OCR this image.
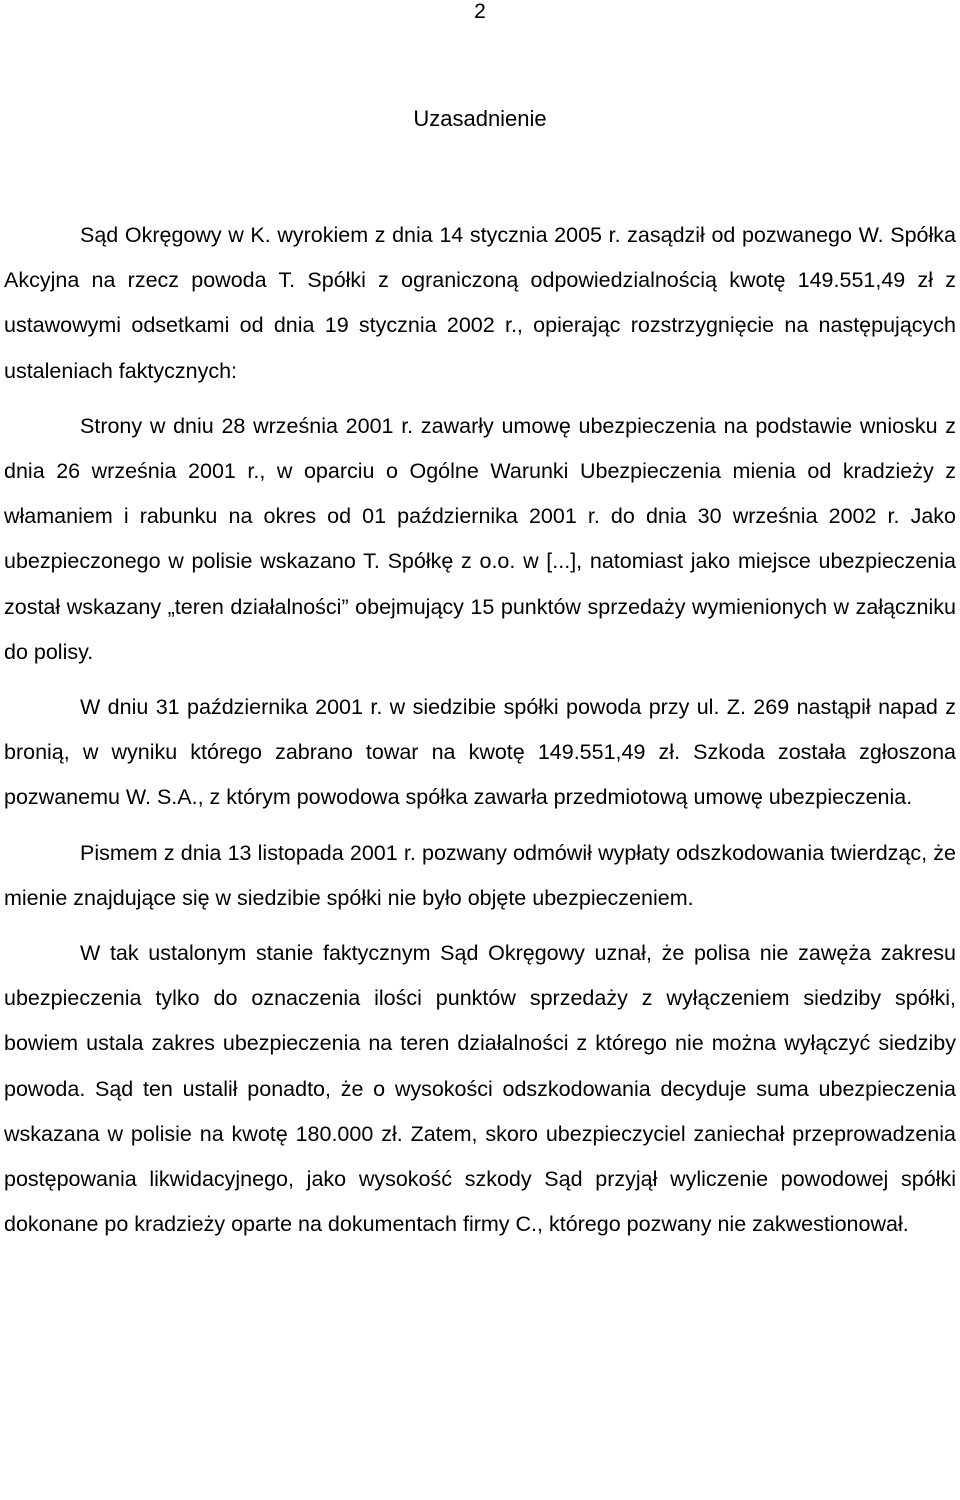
2
Uzasadnienie

Sąd Okręgowy w K. wyrokiem z dnia 14 stycznia 2005 r. zasądził od pozwanego W. Spółka Akcyjna na rzecz powoda T. Spółki z ograniczoną odpowiedzialnością kwotę 149.551,49 zł z ustawowymi odsetkami od dnia 19 stycznia 2002 r., opierając rozstrzygnięcie na następujących ustaleniach faktycznych:

Strony w dniu 28 września 2001 r. zawarły umowę ubezpieczenia na podstawie wniosku z dnia 26 września 2001 r., w oparciu o Ogólne Warunki Ubezpieczenia mienia od kradzieży z włamaniem i rabunku na okres od 01 października 2001 r. do dnia 30 września 2002 r. Jako ubezpieczonego w polisie wskazano T. Spółkę z o.o. w [...], natomiast jako miejsce ubezpieczenia został wskazany „teren działalności” obejmujący 15 punktów sprzedaży wymienionych w załączniku do polisy.

W dniu 31 października 2001 r. w siedzibie spółki powoda przy ul. Z. 269 nastąpił napad z bronią, w wyniku którego zabrano towar na kwotę 149.551,49 zł. Szkoda została zgłoszona pozwanemu W. S.A., z którym powodowa spółka zawarła przedmiotową umowę ubezpieczenia.

Pismem z dnia 13 listopada 2001 r. pozwany odmówił wypłaty odszkodowania twierdząc, że mienie znajdujące się w siedzibie spółki nie było objęte ubezpieczeniem.

W tak ustalonym stanie faktycznym Sąd Okręgowy uznał, że polisa nie zawęża zakresu ubezpieczenia tylko do oznaczenia ilości punktów sprzedaży z wyłączeniem siedziby spółki, bowiem ustala zakres ubezpieczenia na teren działalności z którego nie można wyłączyć siedziby powoda. Sąd ten ustalił ponadto, że o wysokości odszkodowania decyduje suma ubezpieczenia wskazana w polisie na kwotę 180.000 zł. Zatem, skoro ubezpieczyciel zaniechał przeprowadzenia postępowania likwidacyjnego, jako wysokość szkody Sąd przyjął wyliczenie powodowej spółki dokonane po kradzieży oparte na dokumentach firmy C., którego pozwany nie zakwestionował.
